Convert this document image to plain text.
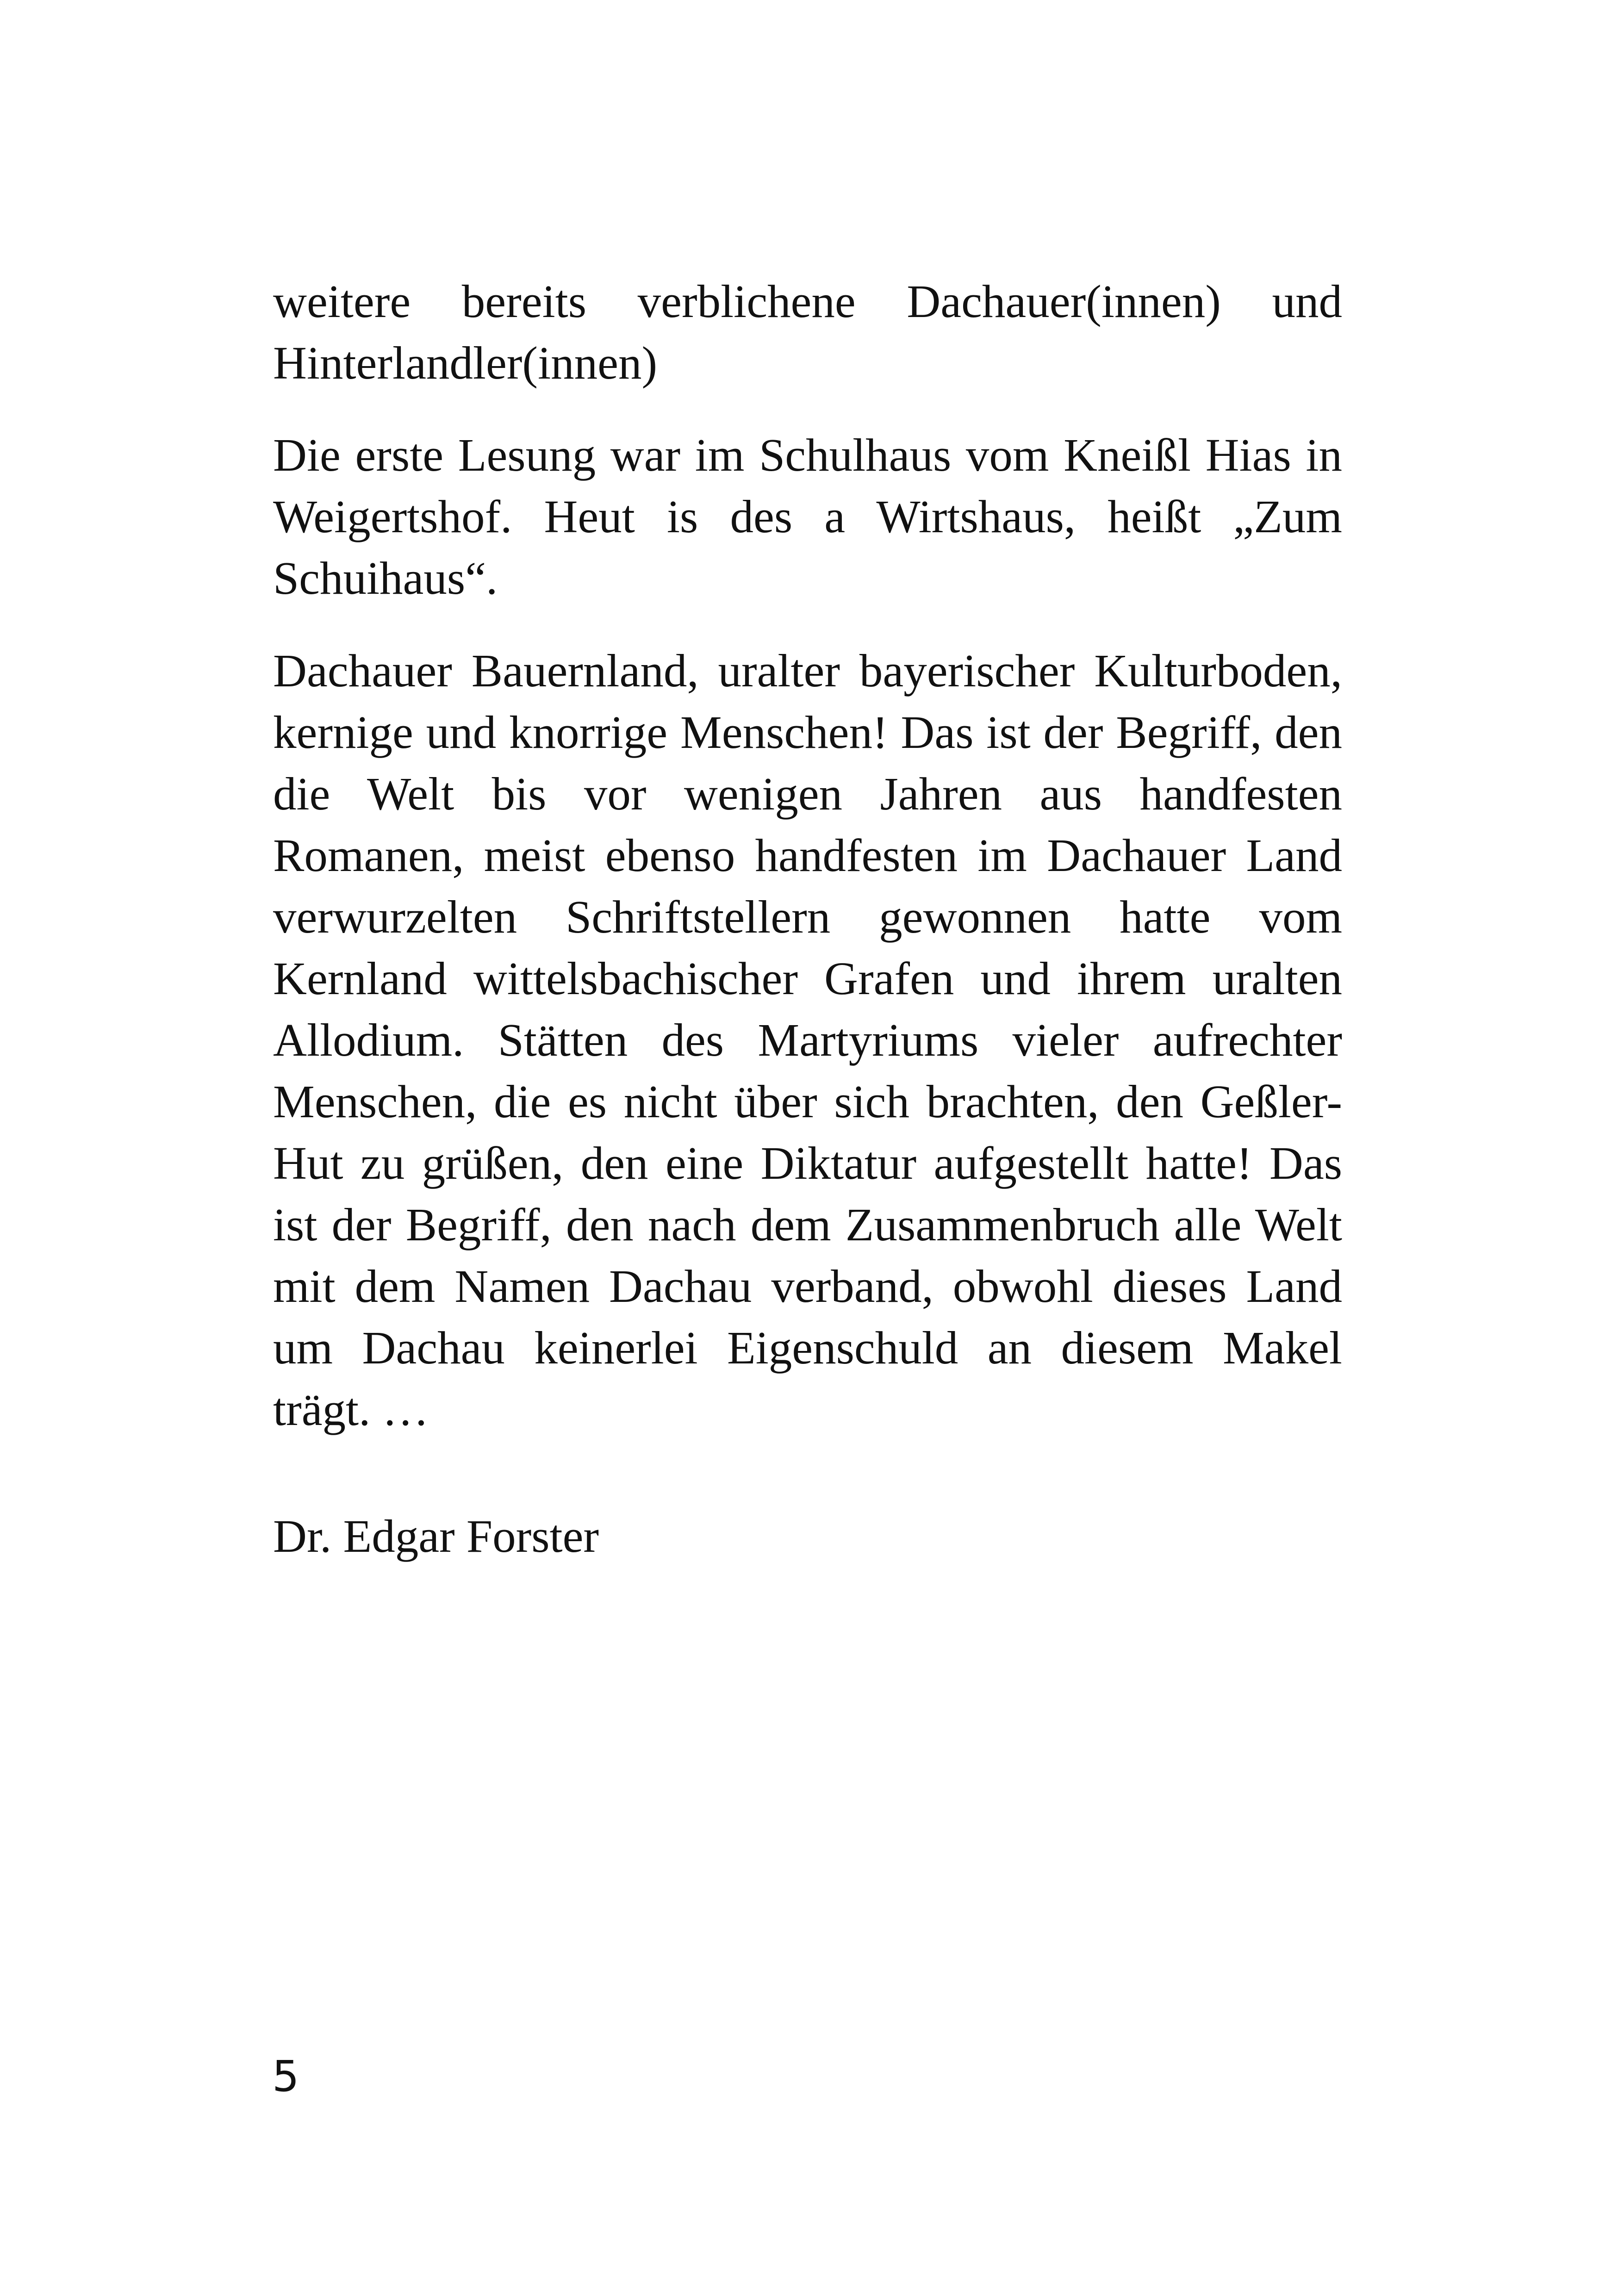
weitere bereits verblichene Dachauer(innen) und Hinterlandler(innen)

Die erste Lesung war im Schulhaus vom Kneißl Hias in Weigertshof. Heut is des a Wirtshaus, heißt „Zum Schuihaus“.

Dachauer Bauernland, uralter bayerischer Kulturboden, kernige und knorrige Menschen! Das ist der Begriff, den die Welt bis vor wenigen Jahren aus handfesten Romanen, meist ebenso handfesten im Dachauer Land verwurzelten Schriftstellern gewonnen hatte vom Kernland wittelsbachischer Grafen und ihrem uralten Allodium. Stätten des Martyriums vieler aufrechter Menschen, die es nicht über sich brachten, den Geßler-Hut zu grüßen, den eine Diktatur aufgestellt hatte! Das ist der Begriff, den nach dem Zusammenbruch alle Welt mit dem Namen Dachau verband, obwohl dieses Land um Dachau keinerlei Eigenschuld an diesem Makel trägt. …

Dr. Edgar Forster

5
